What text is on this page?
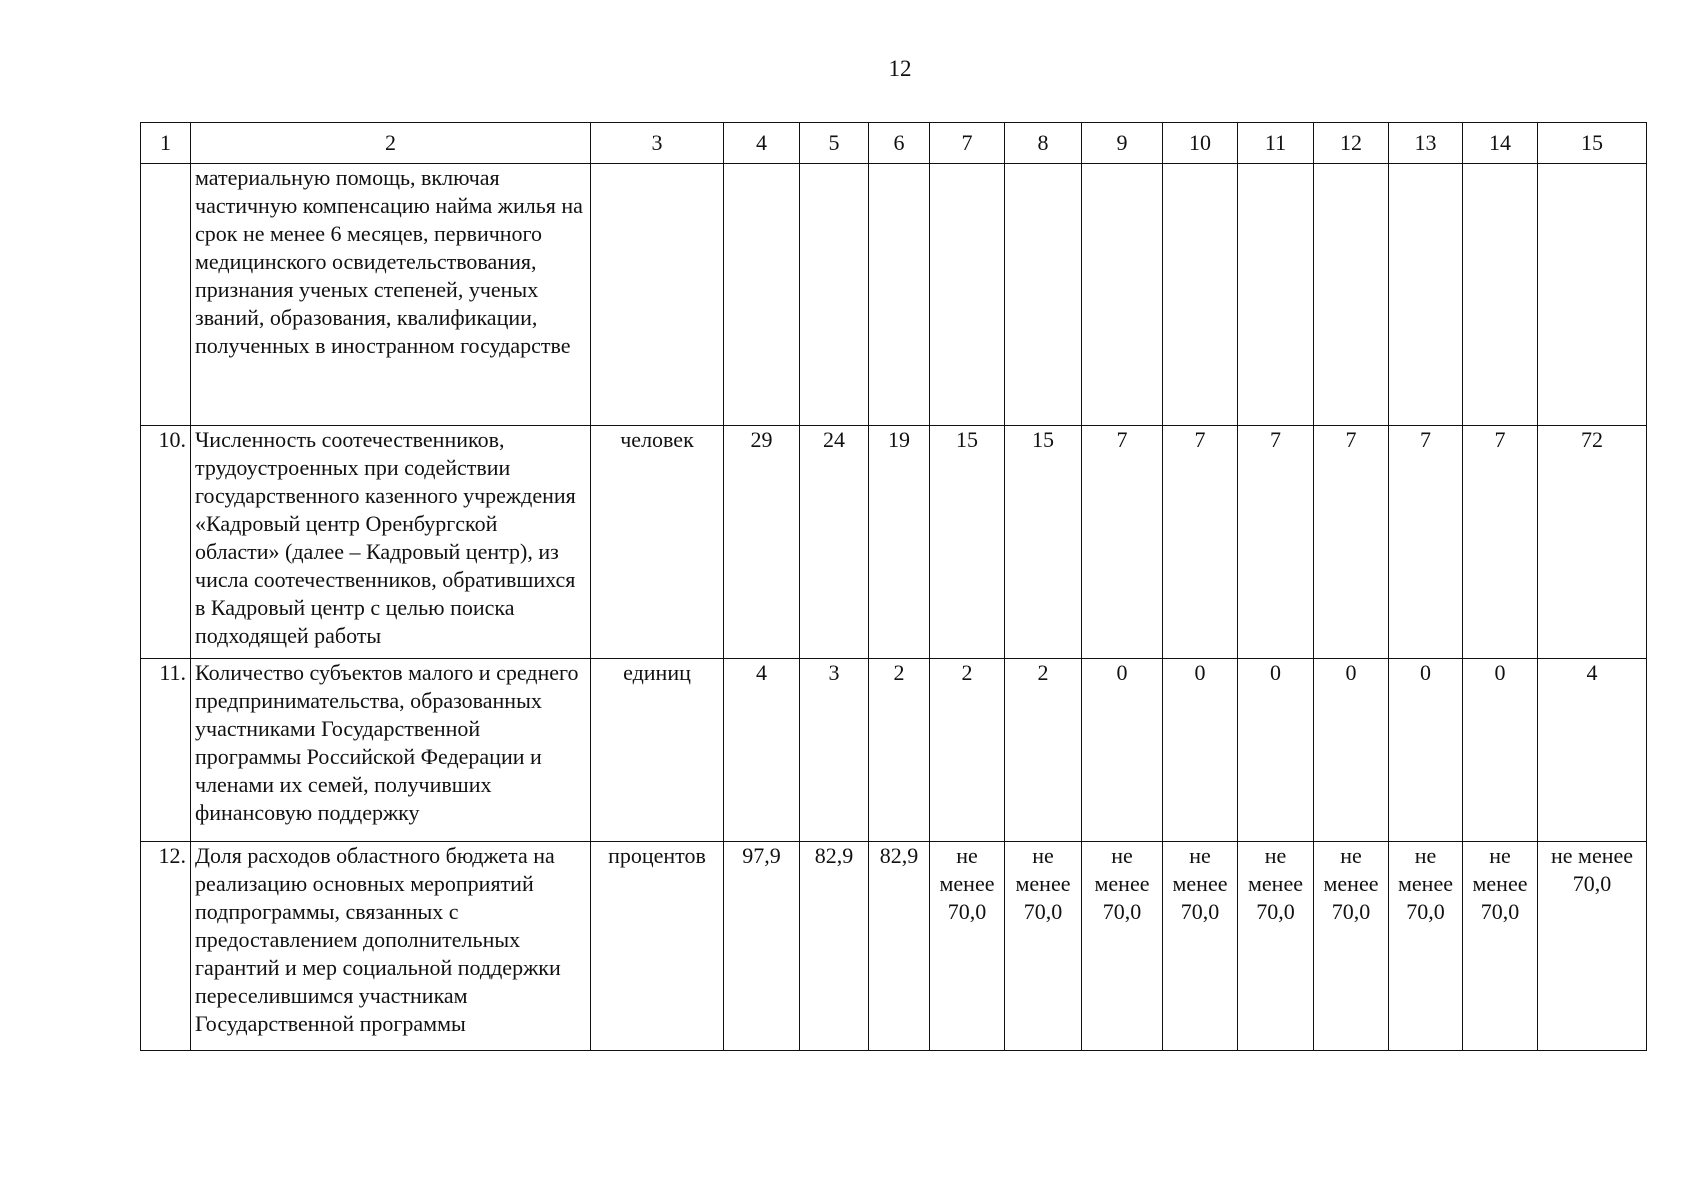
12
1	2	3	4	5	6	7	8	9	10	11	12	13	14	15
	материальную помощь, включая частичную компенсацию найма жилья на срок не менее 6 месяцев, первичного медицинского освидетельствования, признания ученых степеней, ученых званий, образования, квалификации, полученных в иностранном государстве													
10.	Численность соотечественников, трудоустроенных при содействии государственного казенного учреждения «Кадровый центр Оренбургской области» (далее – Кадровый центр), из числа соотечественников, обратившихся в Кадровый центр с целью поиска подходящей работы	человек	29	24	19	15	15	7	7	7	7	7	7	72
11.	Количество субъектов малого и среднего предпринимательства, образованных участниками Государственной программы Российской Федерации и членами их семей, получивших финансовую поддержку	единиц	4	3	2	2	2	0	0	0	0	0	0	4
12.	Доля расходов областного бюджета на реализацию основных мероприятий подпрограммы, связанных с предоставлением дополнительных гарантий и мер социальной поддержки переселившимся участникам Государственной программы	процентов	97,9	82,9	82,9	не менее 70,0	не менее 70,0	не менее 70,0	не менее 70,0	не менее 70,0	не менее 70,0	не менее 70,0	не менее 70,0	не менее 70,0
